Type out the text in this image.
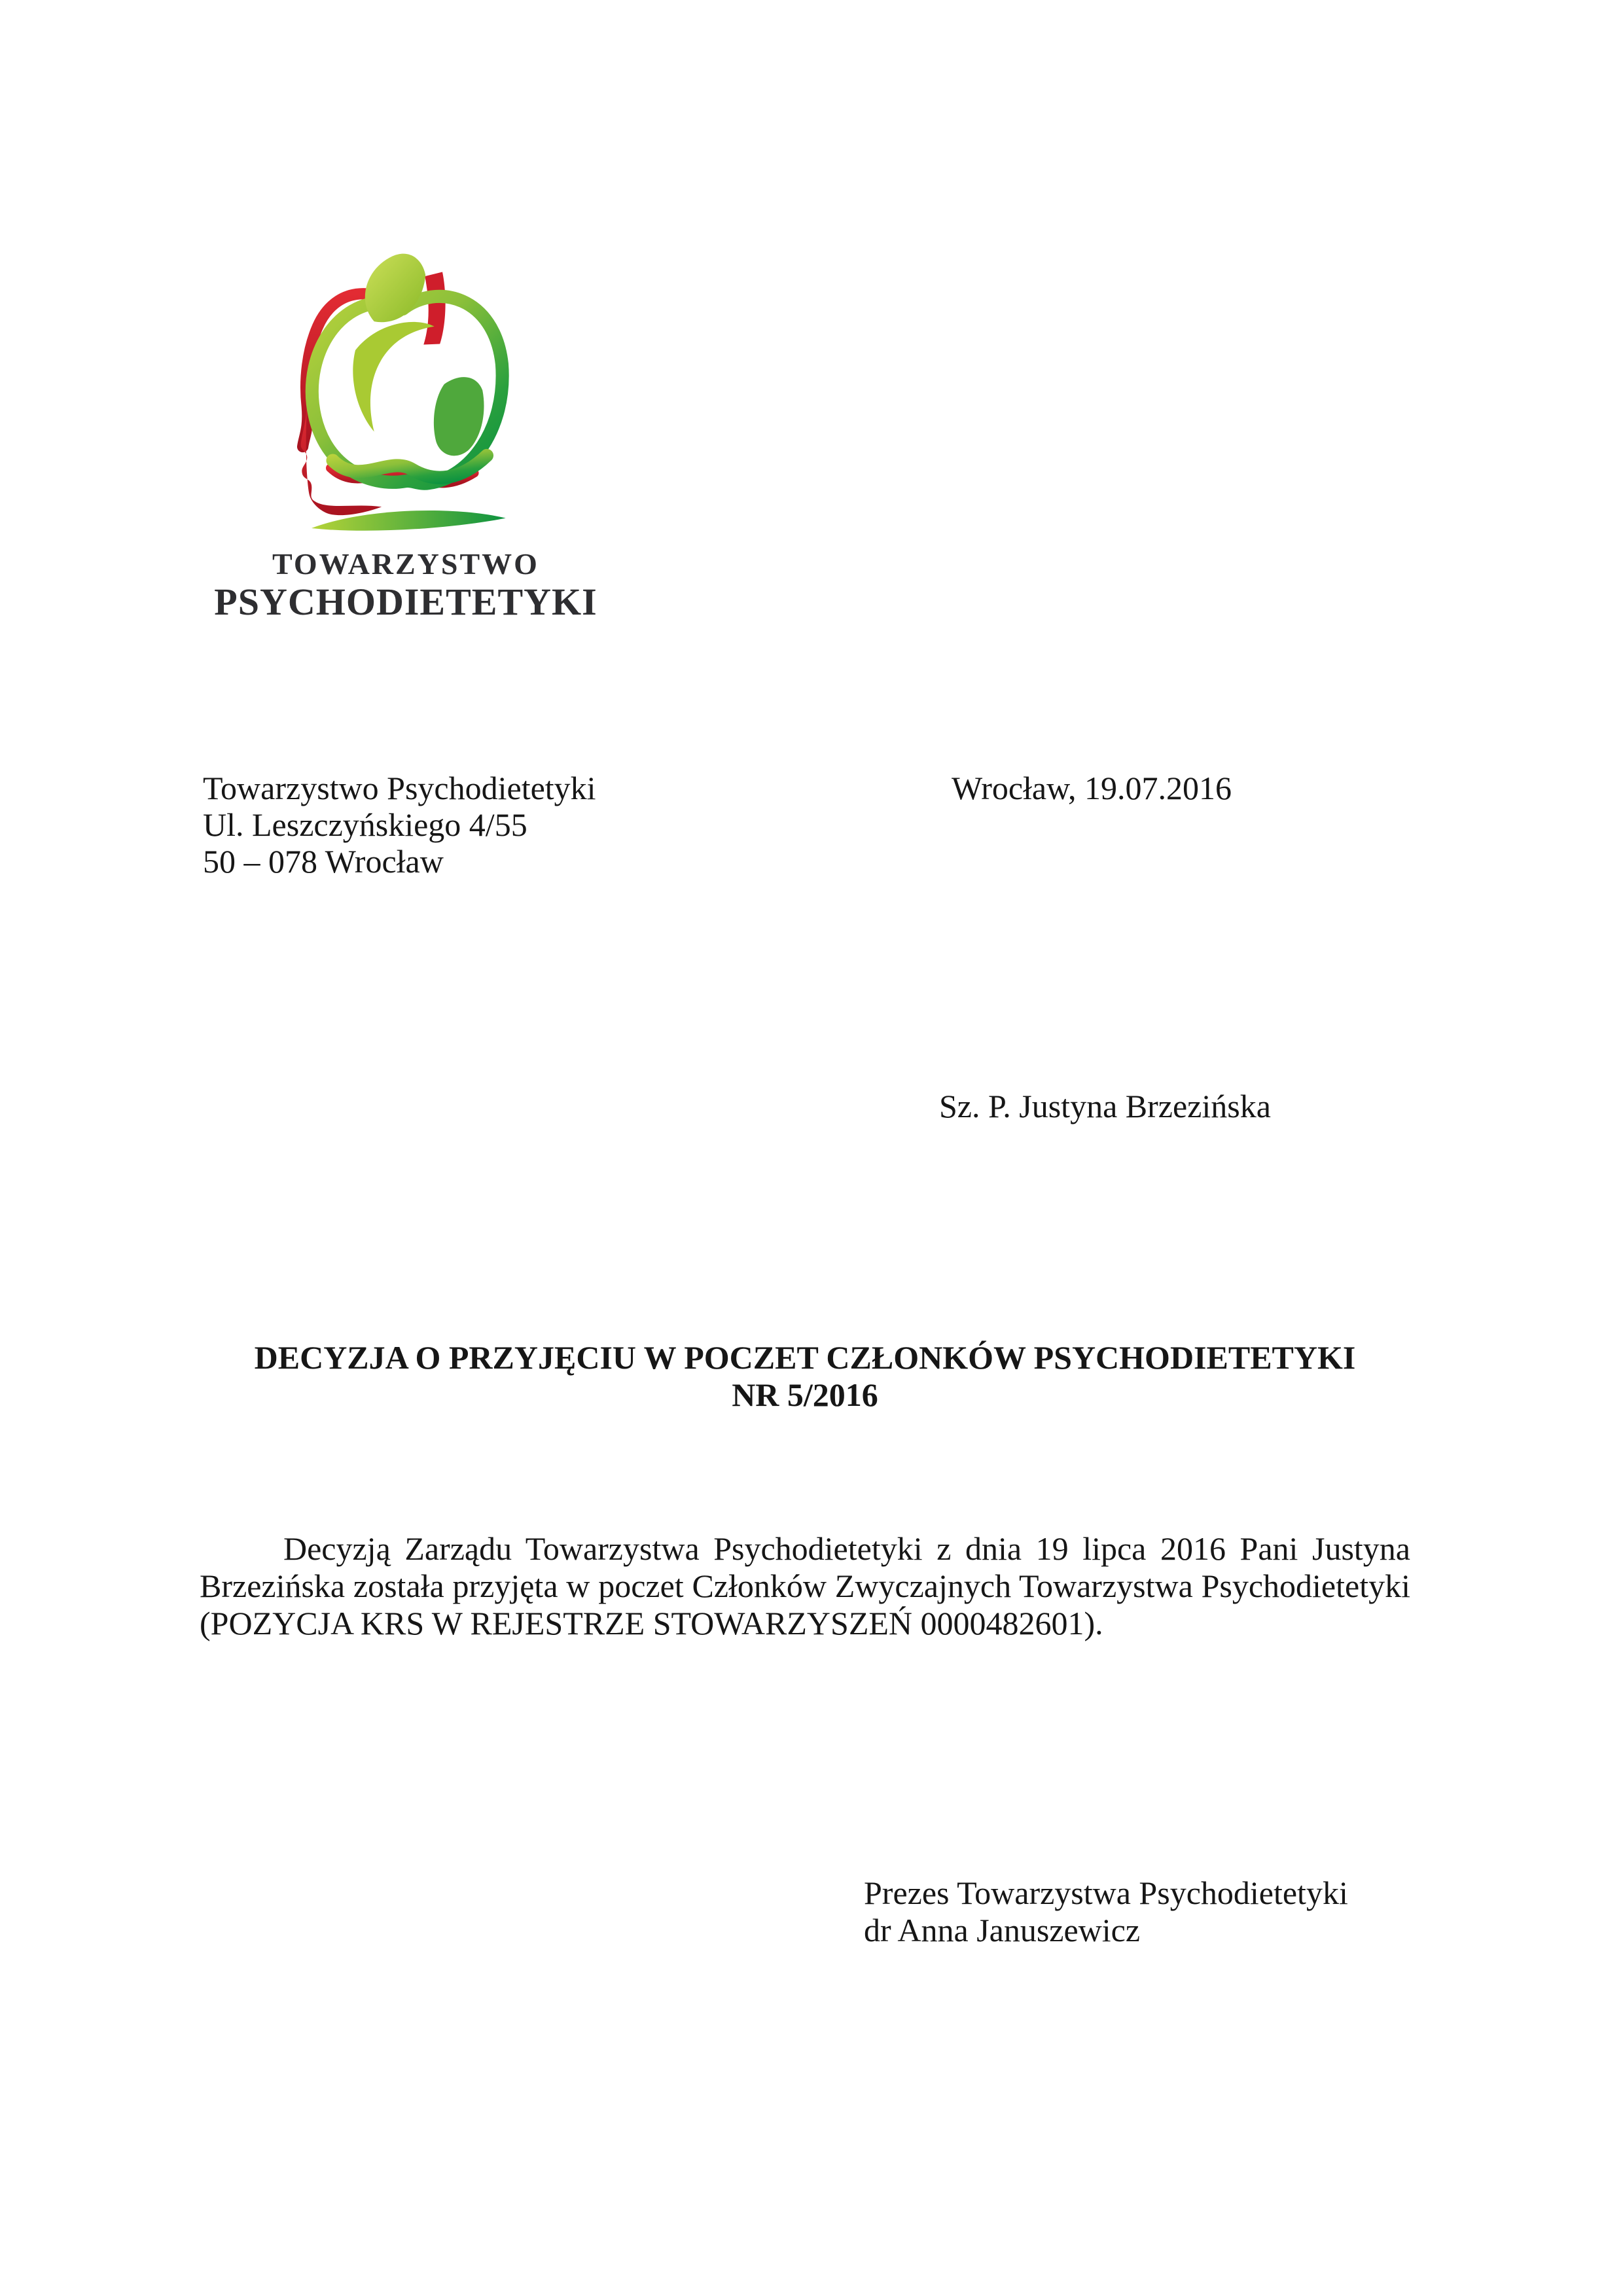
TOWARZYSTWO
PSYCHODIETETYKI
Towarzystwo Psychodietetyki
Ul. Leszczyńskiego 4/55
50 – 078 Wrocław
Wrocław, 19.07.2016
Sz. P. Justyna Brzezińska
DECYZJA O PRZYJĘCIU W POCZET CZŁONKÓW PSYCHODIETETYKI
NR 5/2016
Decyzją Zarządu Towarzystwa Psychodietetyki z dnia 19 lipca 2016 Pani Justyna Brzezińska została przyjęta w poczet Członków Zwyczajnych Towarzystwa Psychodietetyki (POZYCJA KRS W REJESTRZE STOWARZYSZEŃ 0000482601).
Prezes Towarzystwa Psychodietetyki
dr Anna Januszewicz
